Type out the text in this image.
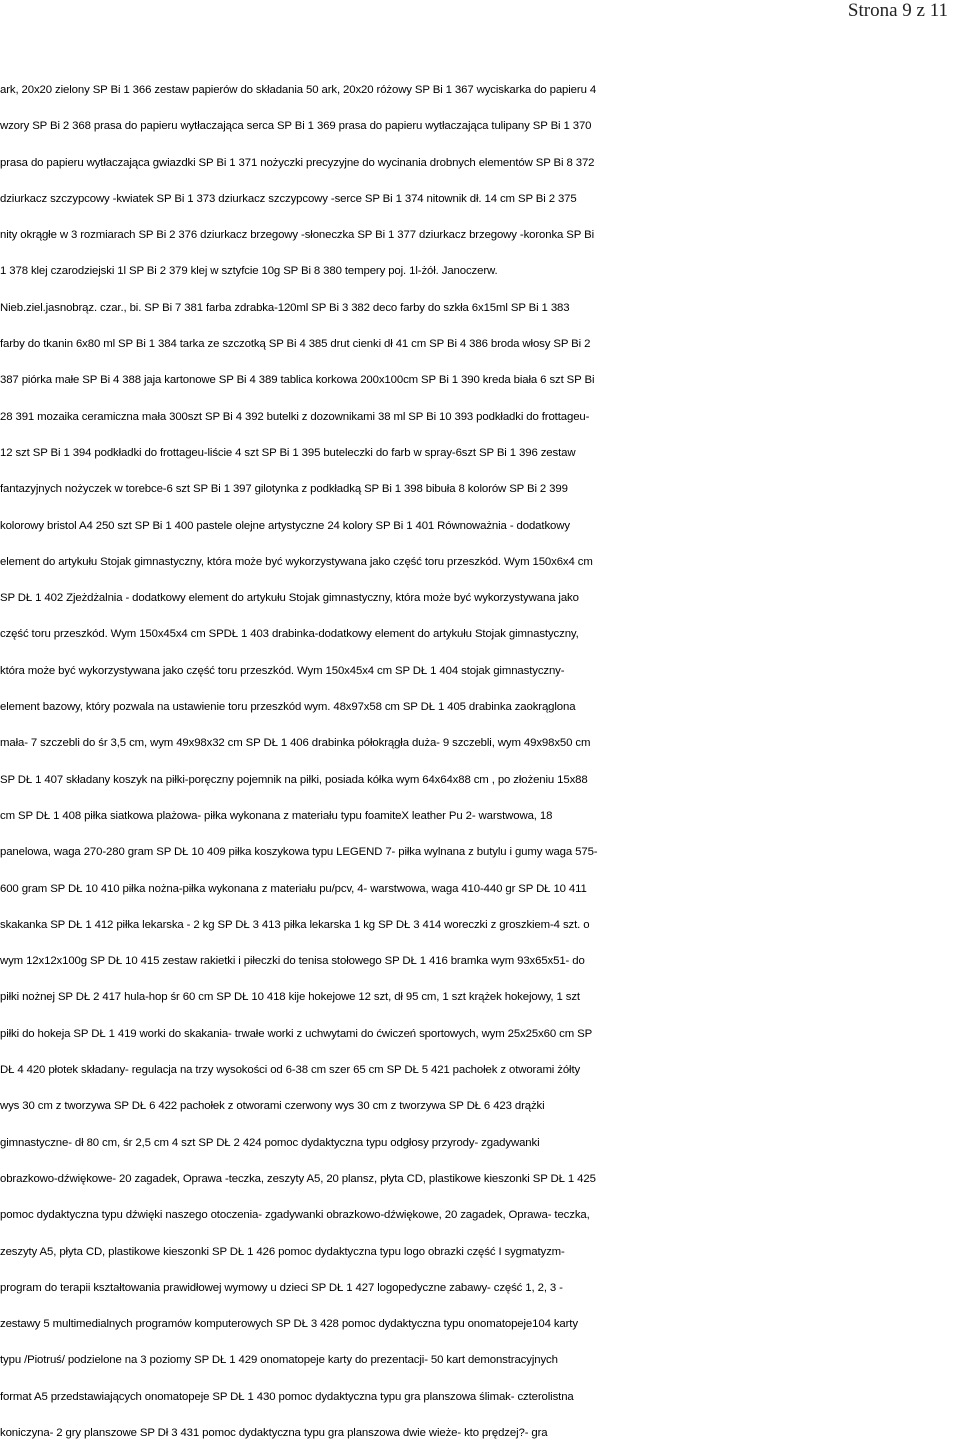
Strona 9 z 11
ark, 20x20 zielony SP Bi 1 366 zestaw papierów do składania 50 ark, 20x20 różowy SP Bi 1 367 wyciskarka do papieru 4
wzory SP Bi 2 368 prasa do papieru wytłaczająca serca SP Bi 1 369 prasa do papieru wytłaczająca tulipany SP Bi 1 370
prasa do papieru wytłaczająca gwiazdki SP Bi 1 371 nożyczki precyzyjne do wycinania drobnych elementów SP Bi 8 372
dziurkacz szczypcowy -kwiatek SP Bi 1 373 dziurkacz szczypcowy -serce SP Bi 1 374 nitownik dł. 14 cm SP Bi 2 375
nity okrągłe w 3 rozmiarach SP Bi 2 376 dziurkacz brzegowy -słoneczka SP Bi 1 377 dziurkacz brzegowy -koronka SP Bi
1 378 klej czarodziejski 1l SP Bi 2 379 klej w sztyfcie 10g SP Bi 8 380 tempery poj. 1l-żół. Janoczerw.
Nieb.ziel.jasnobrąz. czar., bi. SP Bi 7 381 farba zdrabka-120ml SP Bi 3 382 deco farby do szkła 6x15ml SP Bi 1 383
farby do tkanin 6x80 ml SP Bi 1 384 tarka ze szczotką SP Bi 4 385 drut cienki dł 41 cm SP Bi 4 386 broda włosy SP Bi 2
387 piórka małe SP Bi 4 388 jaja kartonowe SP Bi 4 389 tablica korkowa 200x100cm SP Bi 1 390 kreda biała 6 szt SP Bi
28 391 mozaika ceramiczna mała 300szt SP Bi 4 392 butelki z dozownikami 38 ml SP Bi 10 393 podkładki do frottageu-
12 szt SP Bi 1 394 podkładki do frottageu-liście 4 szt SP Bi 1 395 buteleczki do farb w spray-6szt SP Bi 1 396 zestaw
fantazyjnych nożyczek w torebce-6 szt SP Bi 1 397 gilotynka z podkładką SP Bi 1 398 bibuła 8 kolorów SP Bi 2 399
kolorowy bristol A4 250 szt SP Bi 1 400 pastele olejne artystyczne 24 kolory SP Bi 1 401 Równoważnia - dodatkowy
element do artykułu Stojak gimnastyczny, która może być wykorzystywana jako część toru przeszkód. Wym 150x6x4 cm
SP DŁ 1 402 Zjeżdżalnia - dodatkowy element do artykułu Stojak gimnastyczny, która może być wykorzystywana jako
część toru przeszkód. Wym 150x45x4 cm SPDŁ 1 403 drabinka-dodatkowy element do artykułu Stojak gimnastyczny,
która może być wykorzystywana jako część toru przeszkód. Wym 150x45x4 cm SP DŁ 1 404 stojak gimnastyczny-
element bazowy, który pozwala na ustawienie toru przeszkód wym. 48x97x58 cm SP DŁ 1 405 drabinka zaokrąglona
mała- 7 szczebli do śr 3,5 cm, wym 49x98x32 cm SP DŁ 1 406 drabinka półokrągła duża- 9 szczebli, wym 49x98x50 cm
SP DŁ 1 407 składany koszyk na piłki-poręczny pojemnik na piłki, posiada kółka wym 64x64x88 cm , po złożeniu 15x88
cm SP DŁ 1 408 piłka siatkowa plażowa- piłka wykonana z materiału typu foamiteX leather Pu 2- warstwowa, 18
panelowa, waga 270-280 gram SP DŁ 10 409 piłka koszykowa typu LEGEND 7- piłka wylnana z butylu i gumy waga 575-
600 gram SP DŁ 10 410 piłka nożna-piłka wykonana z materiału pu/pcv, 4- warstwowa, waga 410-440 gr SP DŁ 10 411
skakanka SP DŁ 1 412 piłka lekarska - 2 kg SP DŁ 3 413 piłka lekarska 1 kg SP DŁ 3 414 woreczki z groszkiem-4 szt. o
wym 12x12x100g SP DŁ 10 415 zestaw rakietki i piłeczki do tenisa stołowego SP DŁ 1 416 bramka wym 93x65x51- do
piłki nożnej SP DŁ 2 417 hula-hop śr 60 cm SP DŁ 10 418 kije hokejowe 12 szt, dł 95 cm, 1 szt krążek hokejowy, 1 szt
piłki do hokeja SP DŁ 1 419 worki do skakania- trwałe worki z uchwytami do ćwiczeń sportowych, wym 25x25x60 cm SP
DŁ 4 420 płotek składany- regulacja na trzy wysokości od 6-38 cm szer 65 cm SP DŁ 5 421 pachołek z otworami żółty
wys 30 cm z tworzywa SP DŁ 6 422 pachołek z otworami czerwony wys 30 cm z tworzywa SP DŁ 6 423 drążki
gimnastyczne- dł 80 cm, śr 2,5 cm 4 szt SP DŁ 2 424 pomoc dydaktyczna typu odgłosy przyrody- zgadywanki
obrazkowo-dźwiękowe- 20 zagadek, Oprawa -teczka, zeszyty A5, 20 plansz, płyta CD, plastikowe kieszonki SP DŁ 1 425
pomoc dydaktyczna typu dźwięki naszego otoczenia- zgadywanki obrazkowo-dźwiękowe, 20 zagadek, Oprawa- teczka,
zeszyty A5, płyta CD, plastikowe kieszonki SP DŁ 1 426 pomoc dydaktyczna typu logo obrazki część I sygmatyzm-
program do terapii kształtowania prawidłowej wymowy u dzieci SP DŁ 1 427 logopedyczne zabawy- część 1, 2, 3 -
zestawy 5 multimedialnych programów komputerowych SP DŁ 3 428 pomoc dydaktyczna typu onomatopeje104 karty
typu /Piotruś/ podzielone na 3 poziomy SP DŁ 1 429 onomatopeje karty do prezentacji- 50 kart demonstracyjnych
format A5 przedstawiających onomatopeje SP DŁ 1 430 pomoc dydaktyczna typu gra planszowa ślimak- czterolistna
koniczyna- 2 gry planszowe SP Dł 3 431 pomoc dydaktyczna typu gra planszowa dwie wieże- kto prędzej?- gra
